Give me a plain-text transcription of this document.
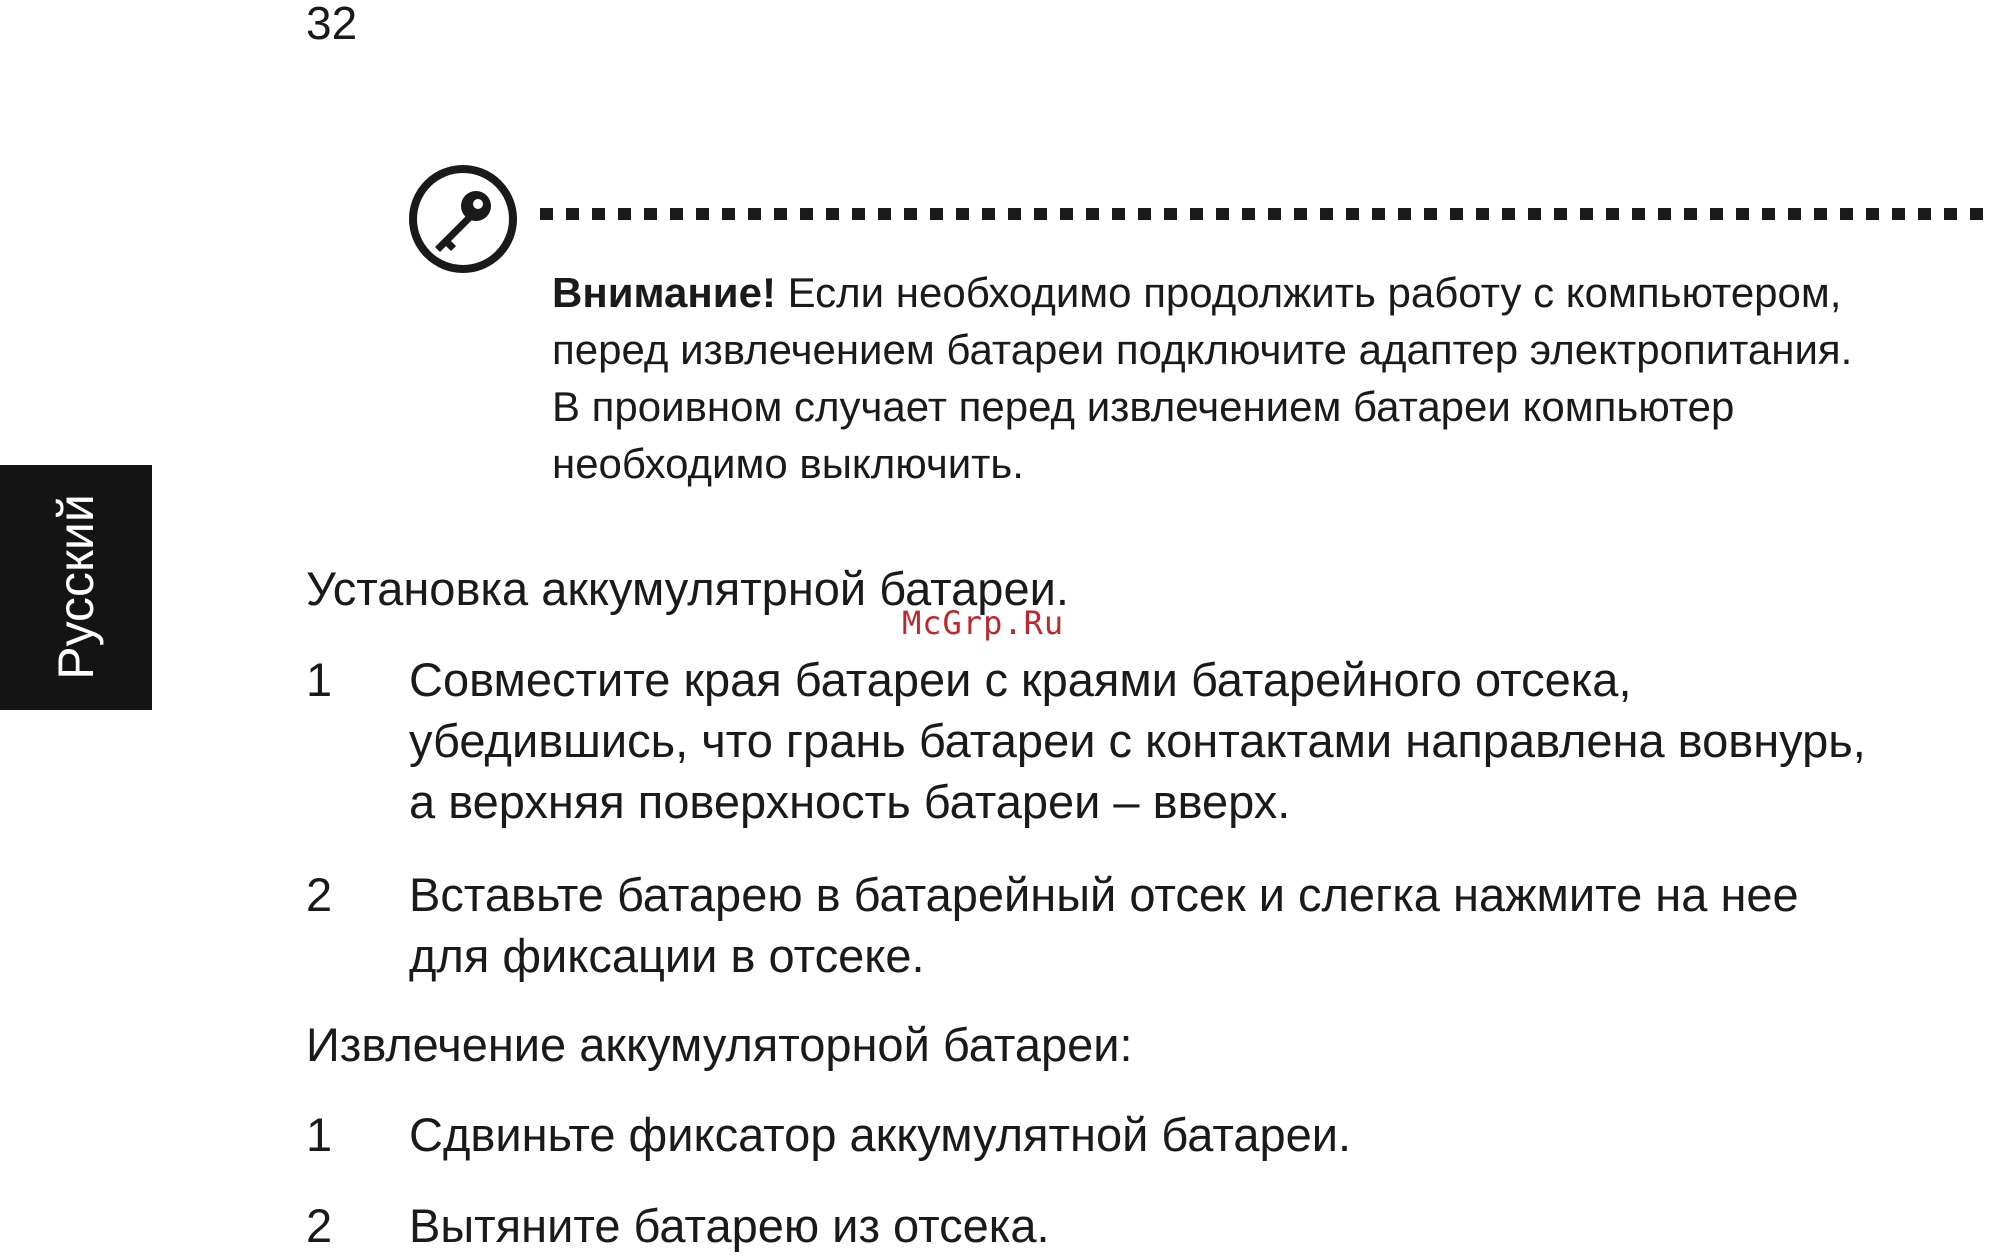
32
Русский
Внимание! Если необходимо продолжить работу с компьютером,
перед извлечением батареи подключите адаптер электропитания.
В проивном случает перед извлечением батареи компьютер
необходимо выключить.
Установка аккумулятрной батареи.
1 Совместите края батареи с краями батарейного отсека,
убедившись, что грань батареи с контактами направлена вовнурь,
а верхняя поверхность батареи – вверх.
2 Вставьте батарею в батарейный отсек и слегка нажмите на нее
для фиксации в отсеке.
Извлечение аккумуляторной батареи:
1 Сдвиньте фиксатор аккумулятной батареи.
2 Вытяните батарею из отсека.
McGrp.Ru
